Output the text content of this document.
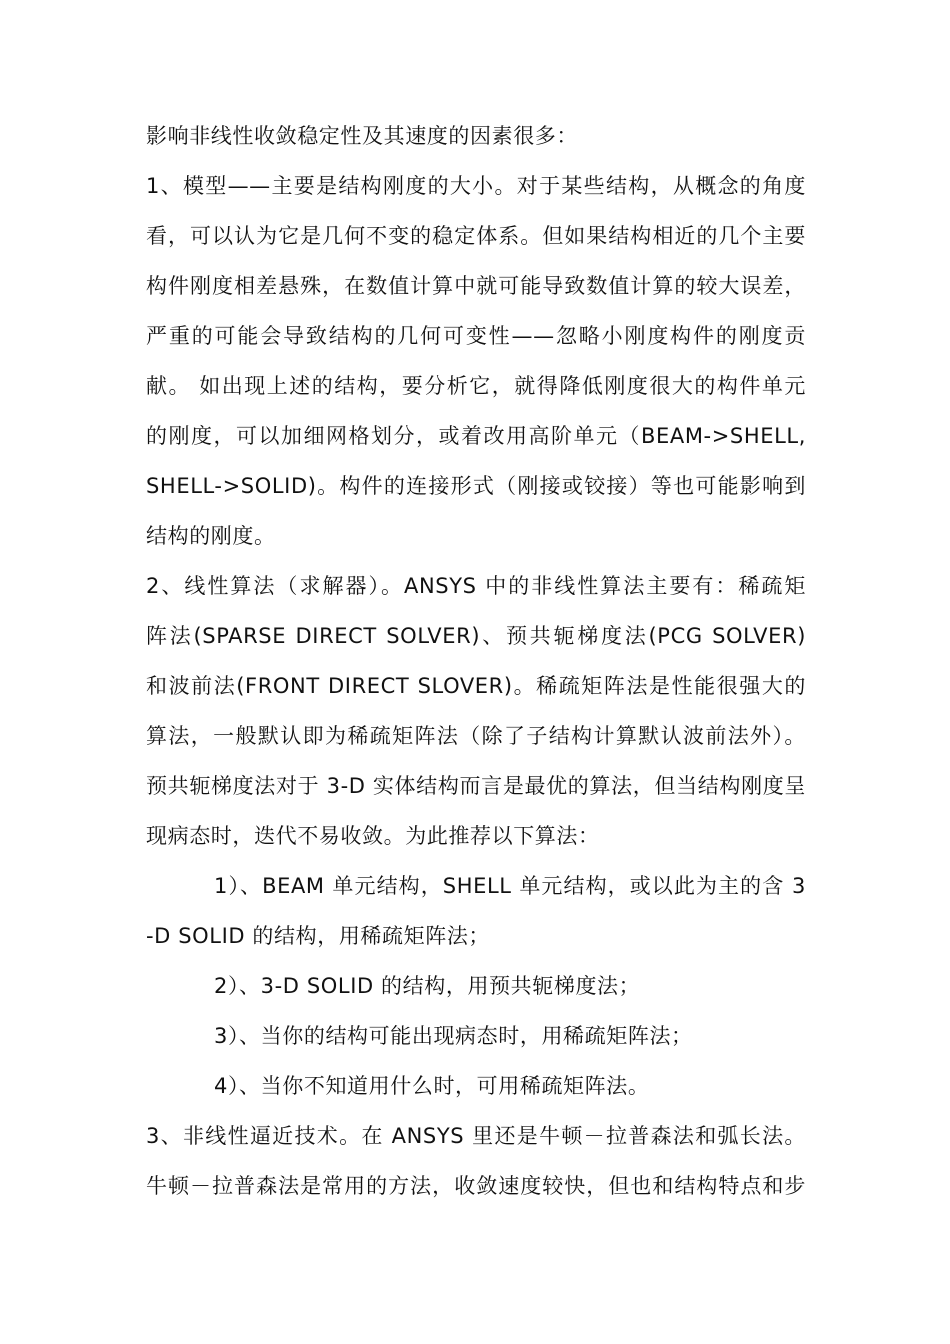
影响非线性收敛稳定性及其速度的因素很多：
1、模型——主要是结构刚度的大小。对于某些结构，从概念的角度
看，可以认为它是几何不变的稳定体系。但如果结构相近的几个主要
构件刚度相差悬殊，在数值计算中就可能导致数值计算的较大误差，
严重的可能会导致结构的几何可变性——忽略小刚度构件的刚度贡
献。 如出现上述的结构，要分析它，就得降低刚度很大的构件单元
的刚度，可以加细网格划分，或着改用高阶单元（BEAM->SHELL,
SHELL->SOLID)。构件的连接形式（刚接或铰接）等也可能影响到
结构的刚度。
2、线性算法（求解器）。ANSYS 中的非线性算法主要有：稀疏矩
阵法(SPARSE DIRECT SOLVER)、预共轭梯度法(PCG SOLVER)
和波前法(FRONT DIRECT SLOVER)。稀疏矩阵法是性能很强大的
算法，一般默认即为稀疏矩阵法（除了子结构计算默认波前法外）。
预共轭梯度法对于 3-D 实体结构而言是最优的算法，但当结构刚度呈
现病态时，迭代不易收敛。为此推荐以下算法：
1）、BEAM 单元结构，SHELL 单元结构，或以此为主的含 3
-D SOLID 的结构，用稀疏矩阵法；
2）、3-D SOLID 的结构，用预共轭梯度法；
3）、当你的结构可能出现病态时，用稀疏矩阵法；
4）、当你不知道用什么时，可用稀疏矩阵法。
3、非线性逼近技术。在 ANSYS 里还是牛顿－拉普森法和弧长法。
牛顿－拉普森法是常用的方法，收敛速度较快，但也和结构特点和步
